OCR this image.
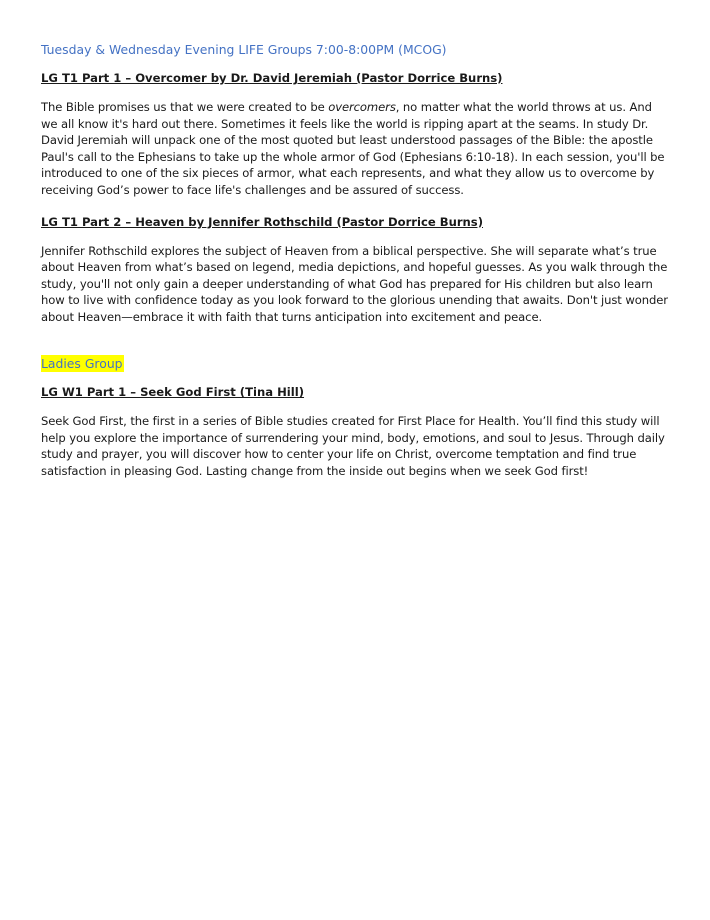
Tuesday & Wednesday Evening LIFE Groups 7:00-8:00PM (MCOG)
LG T1 Part 1 – Overcomer by Dr. David Jeremiah (Pastor Dorrice Burns)

The Bible promises us that we were created to be overcomers, no matter what the world throws at us. And we all know it's hard out there. Sometimes it feels like the world is ripping apart at the seams. In study Dr. David Jeremiah will unpack one of the most quoted but least understood passages of the Bible: the apostle Paul's call to the Ephesians to take up the whole armor of God (Ephesians 6:10-18). In each session, you'll be introduced to one of the six pieces of armor, what each represents, and what they allow us to overcome by receiving God’s power to face life's challenges and be assured of success.

LG T1 Part 2 – Heaven by Jennifer Rothschild (Pastor Dorrice Burns)

Jennifer Rothschild explores the subject of Heaven from a biblical perspective. She will separate what’s true about Heaven from what’s based on legend, media depictions, and hopeful guesses. As you walk through the study, you'll not only gain a deeper understanding of what God has prepared for His children but also learn how to live with confidence today as you look forward to the glorious unending that awaits. Don't just wonder about Heaven—embrace it with faith that turns anticipation into excitement and peace.

Ladies Group
LG W1 Part 1 – Seek God First (Tina Hill)

Seek God First, the first in a series of Bible studies created for First Place for Health. You’ll find this study will help you explore the importance of surrendering your mind, body, emotions, and soul to Jesus. Through daily study and prayer, you will discover how to center your life on Christ, overcome temptation and find true satisfaction in pleasing God. Lasting change from the inside out begins when we seek God first!
